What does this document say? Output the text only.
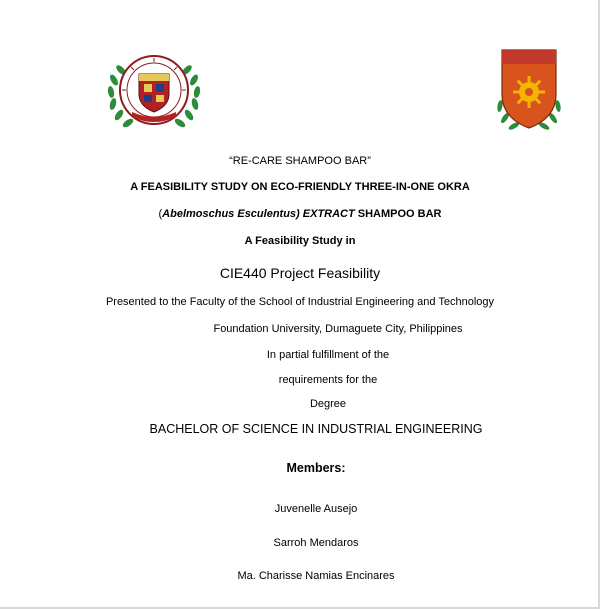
“RE-CARE SHAMPOO BAR”
A FEASIBILITY STUDY ON ECO-FRIENDLY THREE-IN-ONE OKRA
(Abelmoschus Esculentus) EXTRACT SHAMPOO BAR
A Feasibility Study in
CIE440 Project Feasibility
Presented to the Faculty of the School of Industrial Engineering and Technology
Foundation University, Dumaguete City, Philippines
In partial fulfillment of the
requirements for the
Degree
BACHELOR OF SCIENCE IN INDUSTRIAL ENGINEERING
Members:
Juvenelle Ausejo
Sarroh Mendaros
Ma. Charisse Namias Encinares
